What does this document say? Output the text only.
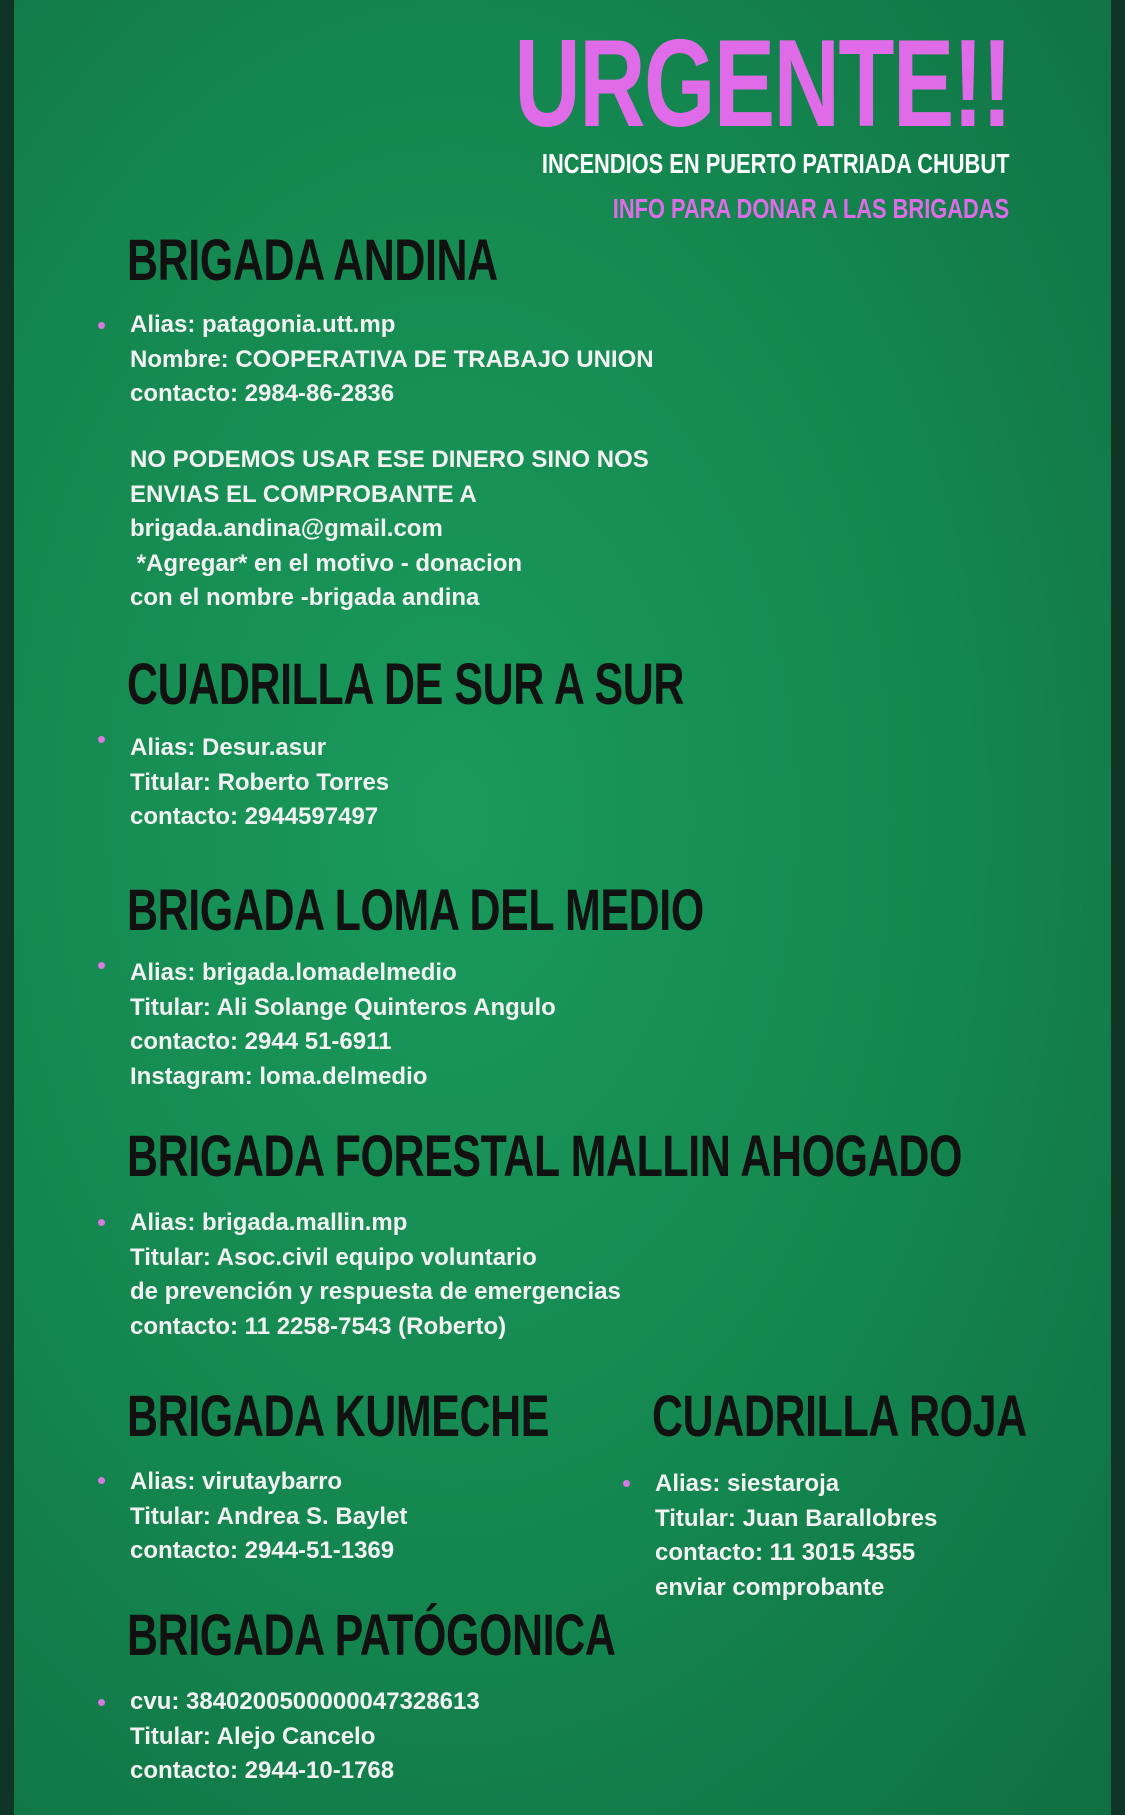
URGENTE!!
INCENDIOS EN PUERTO PATRIADA CHUBUT
INFO PARA DONAR A LAS BRIGADAS
BRIGADA ANDINA
Alias: patagonia.utt.mp
Nombre: COOPERATIVA DE TRABAJO UNION
contacto: 2984-86-2836
NO PODEMOS USAR ESE DINERO SINO NOS
ENVIAS EL COMPROBANTE A
brigada.andina@gmail.com
*Agregar* en el motivo - donacion
con el nombre -brigada andina
CUADRILLA DE SUR A SUR
Alias: Desur.asur
Titular: Roberto Torres
contacto: 2944597497
BRIGADA LOMA DEL MEDIO
Alias: brigada.lomadelmedio
Titular: Ali Solange Quinteros Angulo
contacto: 2944 51-6911
Instagram: loma.delmedio
BRIGADA FORESTAL MALLIN AHOGADO
Alias: brigada.mallin.mp
Titular: Asoc.civil equipo voluntario
de prevención y respuesta de emergencias
contacto: 11 2258-7543 (Roberto)
BRIGADA KUMECHE
Alias: virutaybarro
Titular: Andrea S. Baylet
contacto: 2944-51-1369
CUADRILLA ROJA
Alias: siestaroja
Titular: Juan Barallobres
contacto: 11 3015 4355
enviar comprobante
BRIGADA PATÓGONICA
cvu: 3840200500000047328613
Titular: Alejo Cancelo
contacto: 2944-10-1768
